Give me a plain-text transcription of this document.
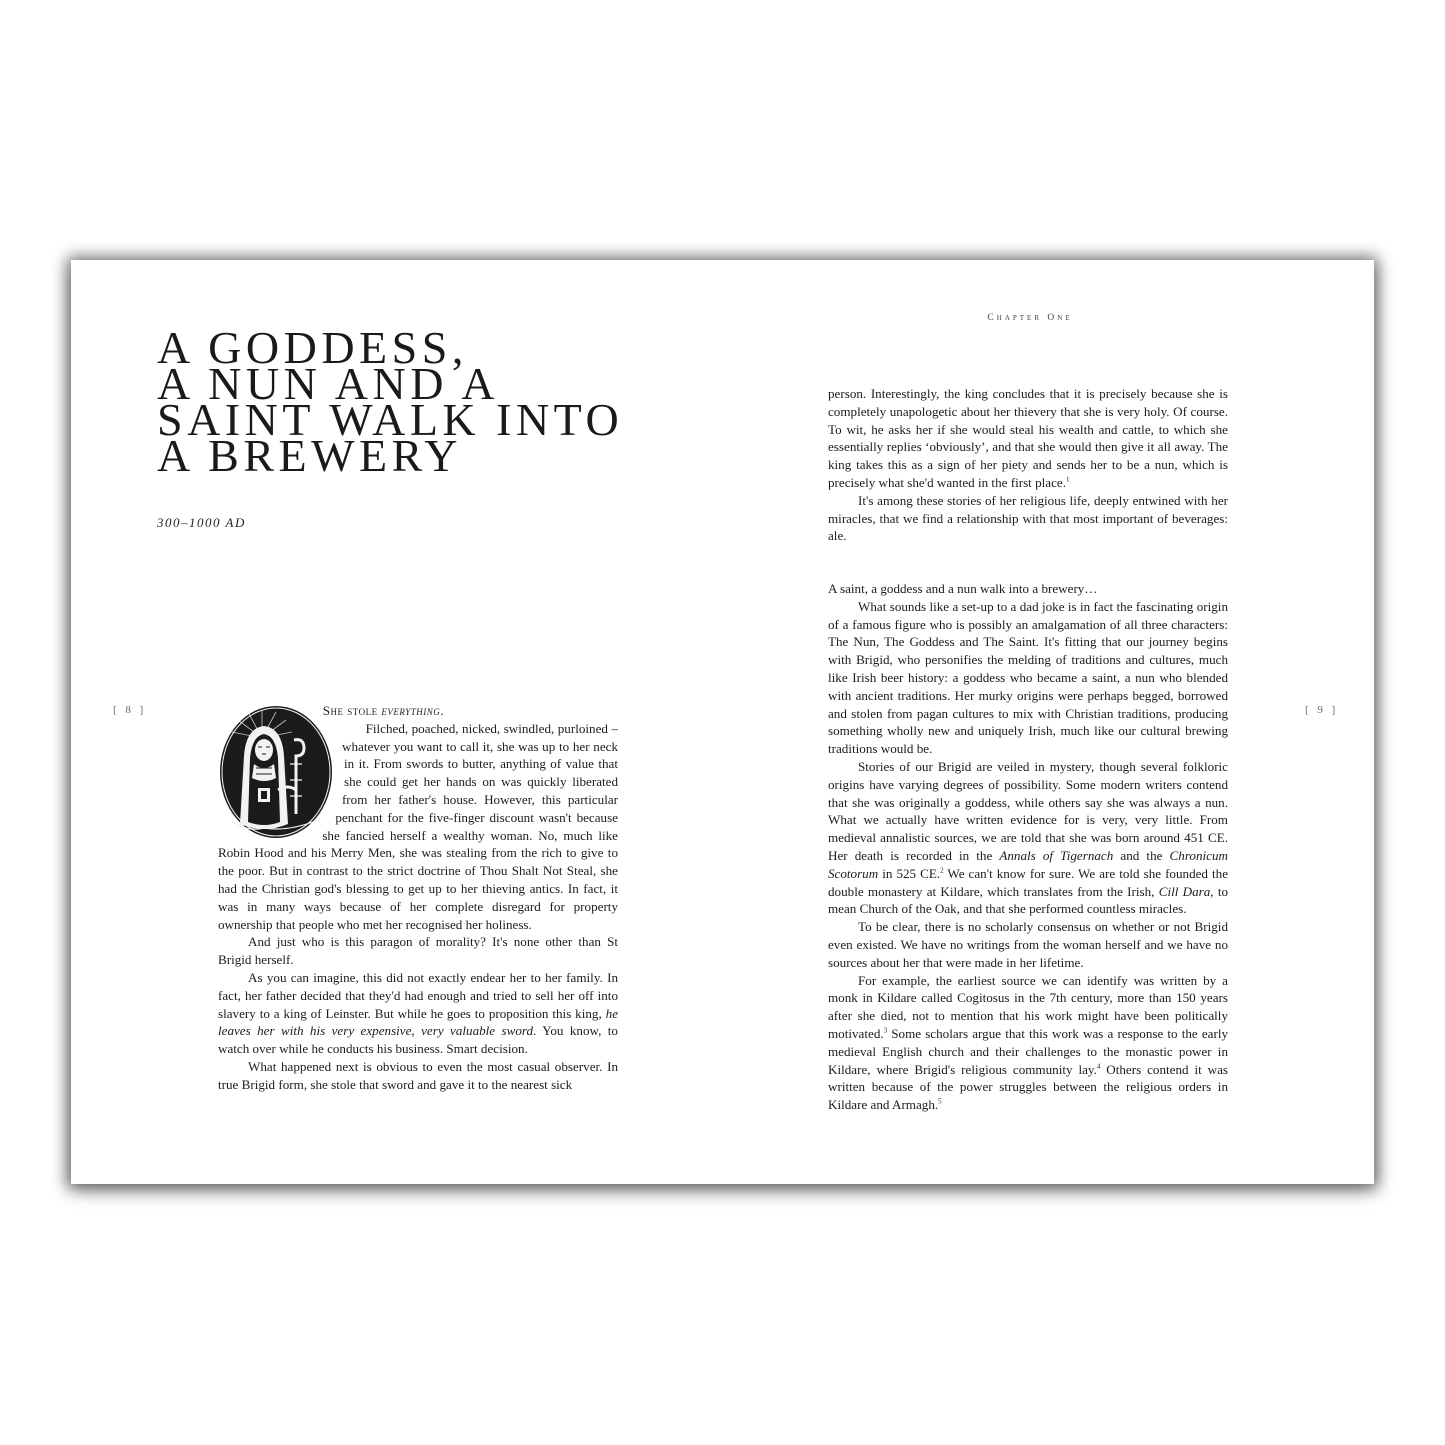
Chapter One
A GODDESS,
A NUN AND A
SAINT WALK INTO
A BREWERY
300–1000 AD
[ 8 ]	[ 9 ]

She stole everything.

Filched, poached, nicked, swindled, purloined – whatever you want to call it, she was up to her neck in it. From swords to butter, anything of value that she could get her hands on was quickly liberated from her father's house. However, this particular penchant for the five-finger discount wasn't because she fancied herself a wealthy woman. No, much like Robin Hood and his Merry Men, she was stealing from the rich to give to the poor. But in contrast to the strict doctrine of Thou Shalt Not Steal, she had the Christian god's blessing to get up to her thieving antics. In fact, it was in many ways because of her complete disregard for property ownership that people who met her recognised her holiness.

And just who is this paragon of morality? It's none other than St Brigid herself.

As you can imagine, this did not exactly endear her to her family. In fact, her father decided that they'd had enough and tried to sell her off into slavery to a king of Leinster. But while he goes to proposition this king, he leaves her with his very expensive, very valuable sword. You know, to watch over while he conducts his business. Smart decision.

What happened next is obvious to even the most casual observer. In true Brigid form, she stole that sword and gave it to the nearest sick

person. Interestingly, the king concludes that it is precisely because she is completely unapologetic about her thievery that she is very holy. Of course. To wit, he asks her if she would steal his wealth and cattle, to which she essentially replies ‘obviously’, and that she would then give it all away. The king takes this as a sign of her piety and sends her to be a nun, which is precisely what she'd wanted in the first place.$^1$

It's among these stories of her religious life, deeply entwined with her miracles, that we find a relationship with that most important of beverages: ale.

A saint, a goddess and a nun walk into a brewery…

What sounds like a set-up to a dad joke is in fact the fascinating origin of a famous figure who is possibly an amalgamation of all three characters: The Nun, The Goddess and The Saint. It's fitting that our journey begins with Brigid, who personifies the melding of traditions and cultures, much like Irish beer history: a goddess who became a saint, a nun who blended with ancient traditions. Her murky origins were perhaps begged, borrowed and stolen from pagan cultures to mix with Christian traditions, producing something wholly new and uniquely Irish, much like our cultural brewing traditions would be.

Stories of our Brigid are veiled in mystery, though several folkloric origins have varying degrees of possibility. Some modern writers contend that she was originally a goddess, while others say she was always a nun. What we actually have written evidence for is very, very little. From medieval annalistic sources, we are told that she was born around 451 CE. Her death is recorded in the Annals of Tigernach and the Chronicum Scotorum in 525 CE.$^2$ We can't know for sure. We are told she founded the double monastery at Kildare, which translates from the Irish, Cill Dara, to mean Church of the Oak, and that she performed countless miracles.

To be clear, there is no scholarly consensus on whether or not Brigid even existed. We have no writings from the woman herself and we have no sources about her that were made in her lifetime.

For example, the earliest source we can identify was written by a monk in Kildare called Cogitosus in the 7th century, more than 150 years after she died, not to mention that his work might have been politically motivated.$^3$ Some scholars argue that this work was a response to the early medieval English church and their challenges to the monastic power in Kildare, where Brigid's religious community lay.$^4$ Others contend it was written because of the power struggles between the religious orders in Kildare and Armagh.$^5$
